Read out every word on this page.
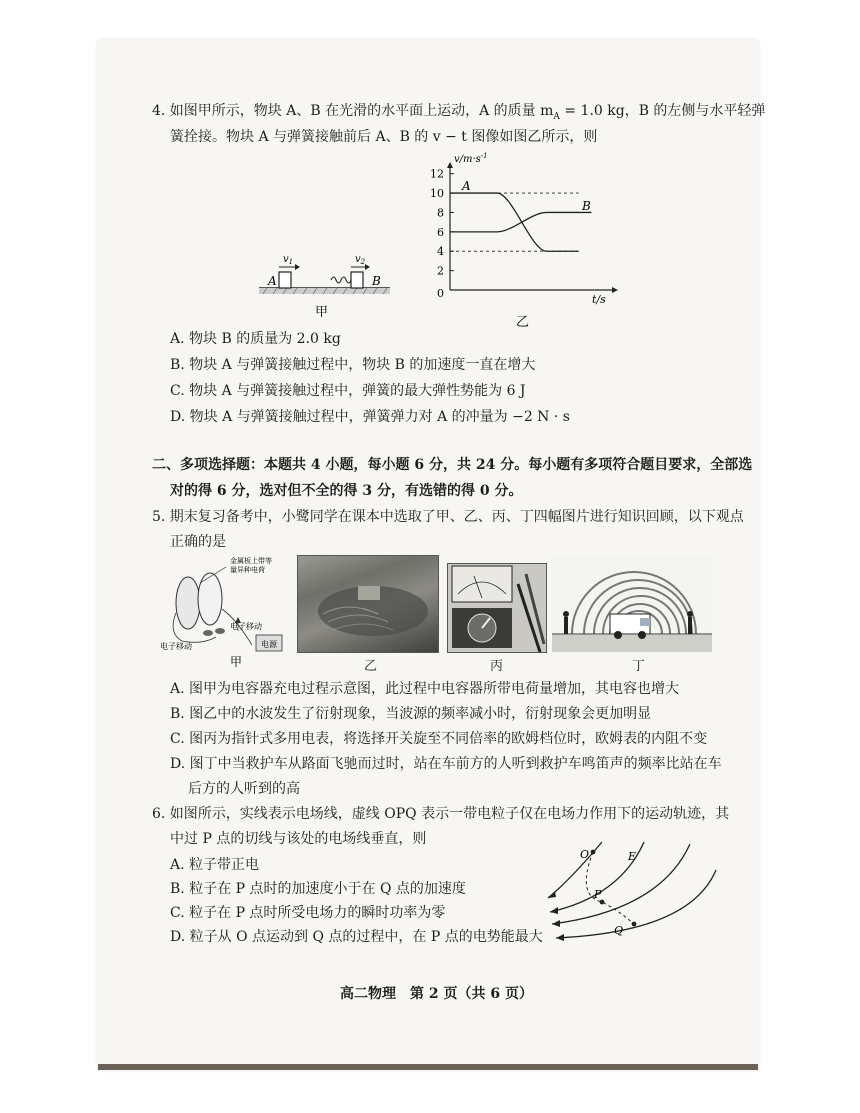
4. 如图甲所示，物块 A、B 在光滑的水平面上运动，A 的质量 $m_A = 1.0$ kg，B 的左侧与水平轻弹
簧拴接。物块 A 与弹簧接触前后 A、B 的 v − t 图像如图乙所示，则
A	B
$v_1$	$v_2$
甲
2
4
6
8
10
12
$v/m\cdot s^{-1}$
t/s
0
A
B
乙
A. 物块 B 的质量为 2.0 kg
B. 物块 A 与弹簧接触过程中，物块 B 的加速度一直在增大
C. 物块 A 与弹簧接触过程中，弹簧的最大弹性势能为 6 J
D. 物块 A 与弹簧接触过程中，弹簧弹力对 A 的冲量为 −2 N · s
二、多项选择题：本题共 4 小题，每小题 6 分，共 24 分。每小题有多项符合题目要求，全部选
对的得 6 分，选对但不全的得 3 分，有选错的得 0 分。
5. 期末复习备考中，小鹭同学在课本中选取了甲、乙、丙、丁四幅图片进行知识回顾，以下观点
正确的是
金属板上带等
量异种电荷
电子移动
电子移动
电源
甲	乙	丙	丁
A. 图甲为电容器充电过程示意图，此过程中电容器所带电荷量增加，其电容也增大
B. 图乙中的水波发生了衍射现象，当波源的频率减小时，衍射现象会更加明显
C. 图丙为指针式多用电表，将选择开关旋至不同倍率的欧姆档位时，欧姆表的内阻不变
D. 图丁中当救护车从路面飞驰而过时，站在车前方的人听到救护车鸣笛声的频率比站在车
后方的人听到的高
6. 如图所示，实线表示电场线，虚线 OPQ 表示一带电粒子仅在电场力作用下的运动轨迹，其
中过 P 点的切线与该处的电场线垂直，则
A. 粒子带正电
B. 粒子在 P 点时的加速度小于在 Q 点的加速度
C. 粒子在 P 点时所受电场力的瞬时功率为零
D. 粒子从 O 点运动到 Q 点的过程中，在 P 点的电势能最大
O	E
P
Q
高二物理　第 2 页（共 6 页）
